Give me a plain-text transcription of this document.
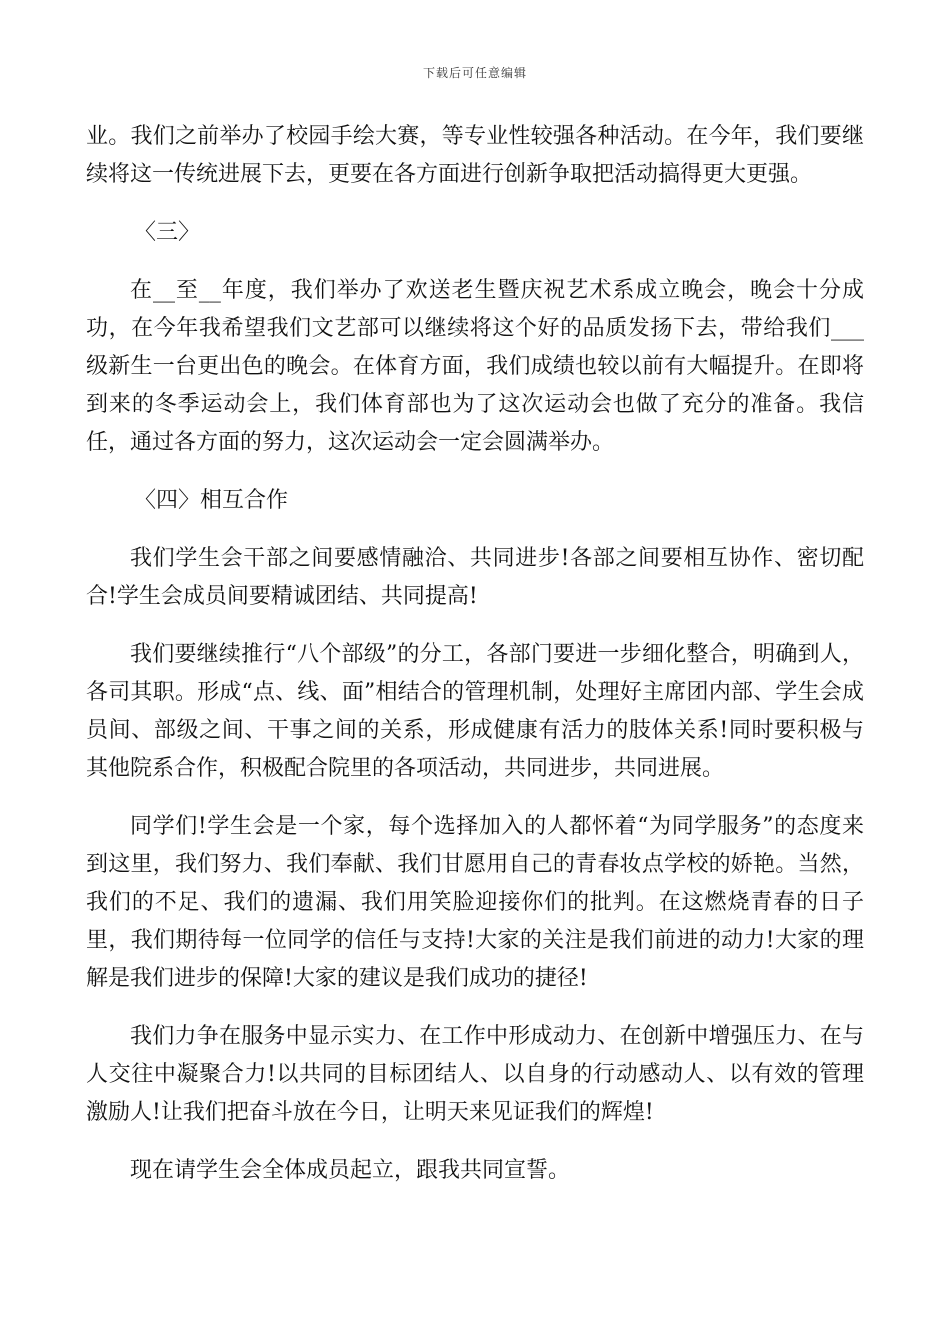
下载后可任意编辑

业。我们之前举办了校园手绘大赛，等专业性较强各种活动。在今年，我们要继续将这一传统进展下去，更要在各方面进行创新争取把活动搞得更大更强。

〈三〉

在__至__年度，我们举办了欢送老生暨庆祝艺术系成立晚会，晚会十分成功，在今年我希望我们文艺部可以继续将这个好的品质发扬下去，带给我们___级新生一台更出色的晚会。在体育方面，我们成绩也较以前有大幅提升。在即将到来的冬季运动会上，我们体育部也为了这次运动会也做了充分的准备。我信任，通过各方面的努力，这次运动会一定会圆满举办。

〈四〉相互合作

我们学生会干部之间要感情融洽、共同进步!各部之间要相互协作、密切配合!学生会成员间要精诚团结、共同提高!

我们要继续推行“八个部级”的分工，各部门要进一步细化整合，明确到人，各司其职。形成“点、线、面”相结合的管理机制，处理好主席团内部、学生会成员间、部级之间、干事之间的关系，形成健康有活力的肢体关系!同时要积极与其他院系合作，积极配合院里的各项活动，共同进步，共同进展。

同学们!学生会是一个家，每个选择加入的人都怀着“为同学服务”的态度来到这里，我们努力、我们奉献、我们甘愿用自己的青春妆点学校的娇艳。当然，我们的不足、我们的遗漏、我们用笑脸迎接你们的批判。在这燃烧青春的日子里，我们期待每一位同学的信任与支持!大家的关注是我们前进的动力!大家的理解是我们进步的保障!大家的建议是我们成功的捷径!

我们力争在服务中显示实力、在工作中形成动力、在创新中增强压力、在与人交往中凝聚合力!以共同的目标团结人、以自身的行动感动人、以有效的管理激励人!让我们把奋斗放在今日，让明天来见证我们的辉煌!

现在请学生会全体成员起立，跟我共同宣誓。
